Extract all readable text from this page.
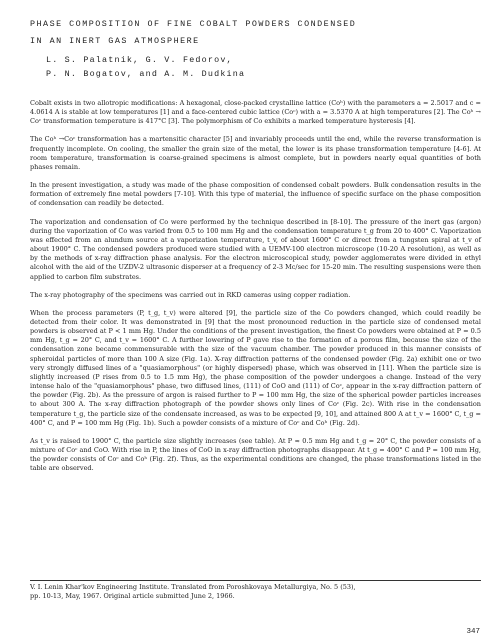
PHASE COMPOSITION OF FINE COBALT POWDERS CONDENSED
IN AN INERT GAS ATMOSPHERE
L. S. Palatnik, G. V. Fedorov,
P. N. Bogatov, and A. M. Dudkina

Cobalt exists in two allotropic modifications: A hexagonal, close-packed crystalline lattice (Coʰ) with the parameters a = 2.5017 and c = 4.0614 A is stable at low temperatures [1] and a face-centered cubic lattice (Coᶜ) with a = 3.5370 A at high temperatures [2]. The Coʰ → Coᶜ transformation temperature is 417°C [3]. The polymorphism of Co exhibits a marked temperature hysteresis [4].

The Coʰ →Coᶜ transformation has a martensitic character [5] and invariably proceeds until the end, while the reverse transformation is frequently incomplete. On cooling, the smaller the grain size of the metal, the lower is its phase transformation temperature [4-6]. At room temperature, transformation is coarse-grained specimens is almost complete, but in powders nearly equal quantities of both phases remain.

In the present investigation, a study was made of the phase composition of condensed cobalt powders. Bulk condensation results in the formation of extremely fine metal powders [7-10]. With this type of material, the influence of specific surface on the phase composition of condensation can readily be detected.

The vaporization and condensation of Co were performed by the technique described in [8-10]. The pressure of the inert gas (argon) during the vaporization of Co was varied from 0.5 to 100 mm Hg and the condensation temperature t_g from 20 to 400° C. Vaporization was effected from an alundum source at a vaporization temperature, t_v, of about 1600° C or direct from a tungsten spiral at t_v of about 1900° C. The condensed powders produced were studied with a UEMV-100 electron microscope (10-20 A resolution), as well as by the methods of x-ray diffraction phase analysis. For the electron microscopical study, powder agglomerates were divided in ethyl alcohol with the aid of the UZDV-2 ultrasonic disperser at a frequency of 2-3 Mc/sec for 15-20 min. The resulting suspensions were then applied to carbon film substrates.

The x-ray photography of the specimens was carried out in RKD cameras using copper radiation.

When the process parameters (P, t_g, t_v) were altered [9], the particle size of the Co powders changed, which could readily be detected from their color. It was demonstrated in [9] that the most pronounced reduction in the particle size of condensed metal powders is observed at P < 1 mm Hg. Under the conditions of the present investigation, the finest Co powders were obtained at P = 0.5 mm Hg, t_g = 20° C, and t_v = 1600° C. A further lowering of P gave rise to the formation of a porous film, because the size of the condensation zone became commensurable with the size of the vacuum chamber. The powder produced in this manner consists of spheroidal particles of more than 100 A size (Fig. 1a). X-ray diffraction patterns of the condensed powder (Fig. 2a) exhibit one or two very strongly diffused lines of a "quasiamorphous" (or highly dispersed) phase, which was observed in [11]. When the particle size is slightly increased (P rises from 0.5 to 1.5 mm Hg), the phase composition of the powder undergoes a change. Instead of the very intense halo of the "quasiamorphous" phase, two diffused lines, (111) of CoO and (111) of Coᶜ, appear in the x-ray diffraction pattern of the powder (Fig. 2b). As the pressure of argon is raised further to P = 100 mm Hg, the size of the spherical powder particles increases to about 300 A. The x-ray diffraction photograph of the powder shows only lines of Coᶜ (Fig. 2c). With rise in the condensation temperature t_g, the particle size of the condensate increased, as was to be expected [9, 10], and attained 800 A at t_v = 1600° C, t_g = 400° C, and P = 100 mm Hg (Fig. 1b). Such a powder consists of a mixture of Coᶜ and Coʰ (Fig. 2d).

As t_v is raised to 1900° C, the particle size slightly increases (see table). At P ≈ 0.5 mm Hg and t_g = 20° C, the powder consists of a mixture of Coᶜ and CoO. With rise in P, the lines of CoO in x-ray diffraction photographs disappear. At t_g = 400° C and P = 100 mm Hg, the powder consists of Coᶜ and Coʰ (Fig. 2f). Thus, as the experimental conditions are changed, the phase transformations listed in the table are observed.

V. I. Lenin Khar'kov Engineering Institute. Translated from Poroshkovaya Metallurgiya, No. 5 (53),
pp. 10-13, May, 1967. Original article submitted June 2, 1966.
347
